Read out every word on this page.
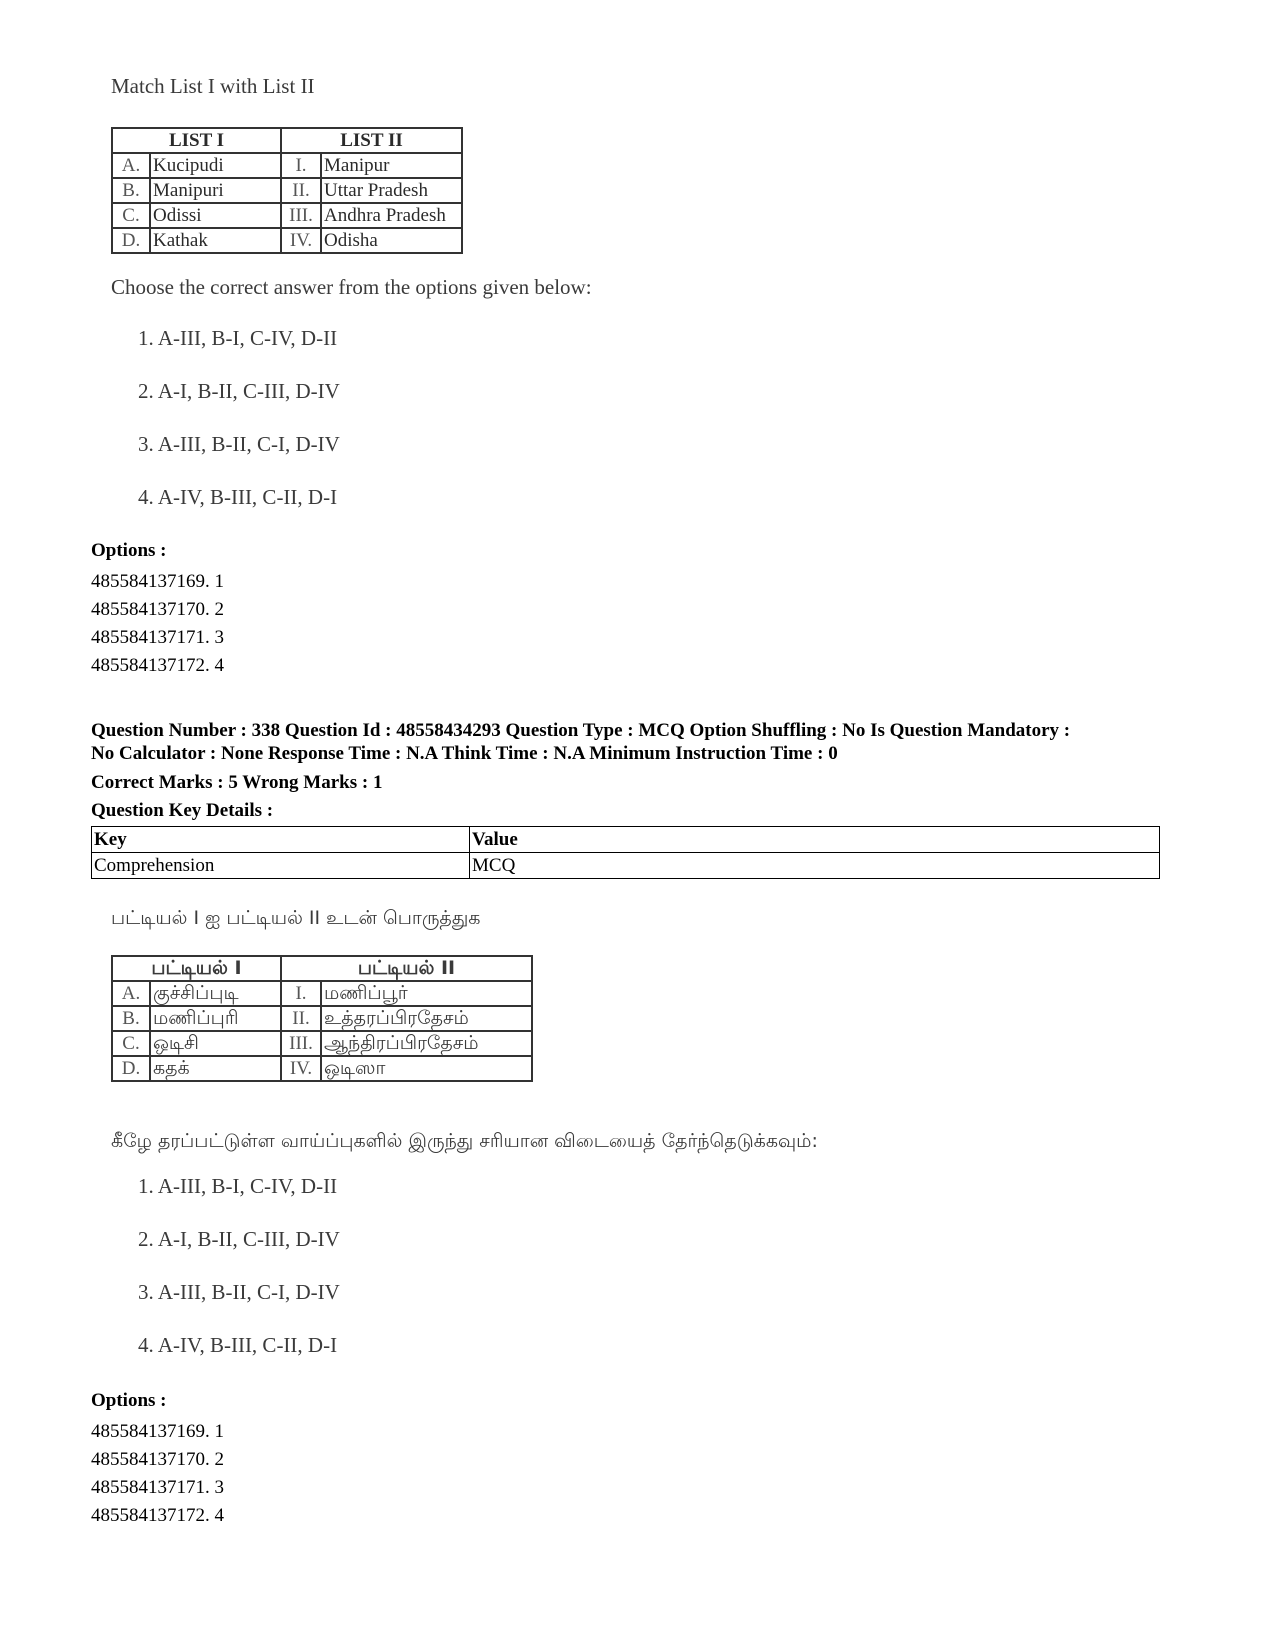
Match List I with List II
LIST I		LIST II	
A.	Kucipudi	I.	Manipur
B.	Manipuri	II.	Uttar Pradesh
C.	Odissi	III.	Andhra Pradesh
D.	Kathak	IV.	Odisha
Choose the correct answer from the options given below:
1. A-III, B-I, C-IV, D-II
2. A-I, B-II, C-III, D-IV
3. A-III, B-II, C-I, D-IV
4. A-IV, B-III, C-II, D-I
Options :
485584137169. 1
485584137170. 2
485584137171. 3
485584137172. 4
Question Number : 338 Question Id : 48558434293 Question Type : MCQ Option Shuffling : No Is Question Mandatory :
No Calculator : None Response Time : N.A Think Time : N.A Minimum Instruction Time : 0
Correct Marks : 5 Wrong Marks : 1
Question Key Details :
Key	Value
Comprehension	MCQ
பட்டியல் I ஐ பட்டியல் II உடன் பொருத்துக
பட்டியல் I		பட்டியல் II	
A.	குச்சிப்புடி	I.	மணிப்பூர்
B.	மணிப்புரி	II.	உத்தரப்பிரதேசம்
C.	ஒடிசி	III.	ஆந்திரப்பிரதேசம்
D.	கதக்	IV.	ஒடிஸா
கீழே தரப்பட்டுள்ள வாய்ப்புகளில் இருந்து சரியான விடையைத் தேர்ந்தெடுக்கவும்:
1. A-III, B-I, C-IV, D-II
2. A-I, B-II, C-III, D-IV
3. A-III, B-II, C-I, D-IV
4. A-IV, B-III, C-II, D-I
Options :
485584137169. 1
485584137170. 2
485584137171. 3
485584137172. 4
